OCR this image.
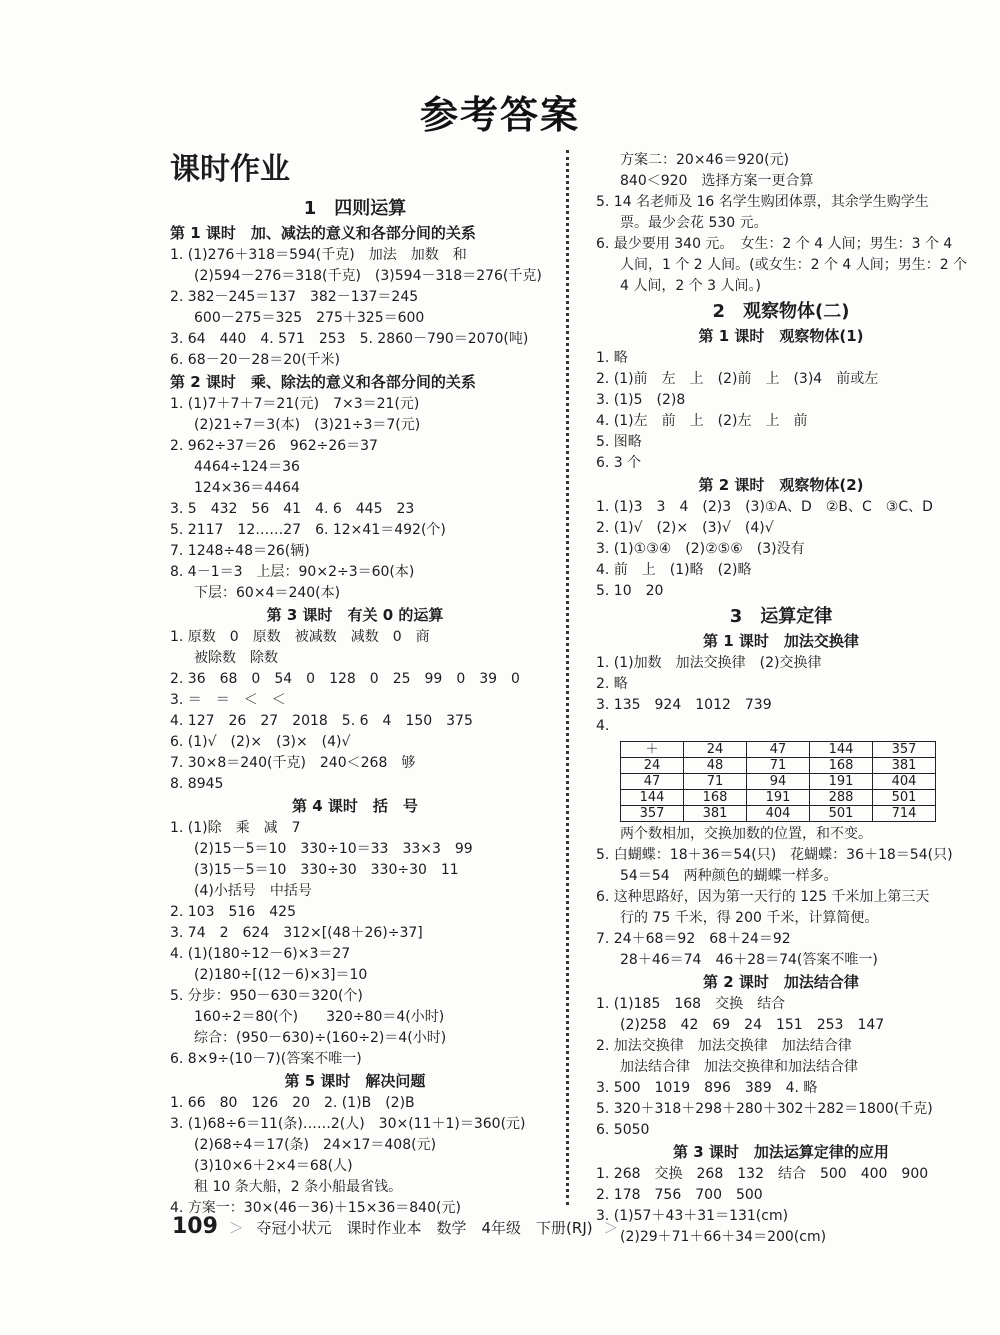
参考答案
课时作业
1　四则运算
第 1 课时　加、减法的意义和各部分间的关系
1. (1)276＋318＝594(千克)　加法　加数　和
(2)594－276＝318(千克)　(3)594－318＝276(千克)
2. 382－245＝137　382－137＝245
600－275＝325　275＋325＝600
3. 64　440　4. 571　253　5. 2860－790＝2070(吨)
6. 68－20－28＝20(千米)
第 2 课时　乘、除法的意义和各部分间的关系
1. (1)7＋7＋7＝21(元)　7×3＝21(元)
(2)21÷7＝3(本)　(3)21÷3＝7(元)
2. 962÷37＝26　962÷26＝37
4464÷124＝36
124×36＝4464
3. 5　432　56　41　4. 6　445　23
5. 2117　12……27　6. 12×41＝492(个)
7. 1248÷48＝26(辆)
8. 4－1＝3　上层：90×2÷3＝60(本)
下层：60×4＝240(本)
第 3 课时　有关 0 的运算
1. 原数　0　原数　被减数　减数　0　商
被除数　除数
2. 36　68　0　54　0　128　0　25　99　0　39　0
3. ＝　＝　＜　＜
4. 127　26　27　2018　5. 6　4　150　375
6. (1)√　(2)×　(3)×　(4)√
7. 30×8＝240(千克)　240＜268　够
8. 8945
第 4 课时　括　号
1. (1)除　乘　减　7
(2)15－5＝10　330÷10＝33　33×3　99
(3)15－5＝10　330÷30　330÷30　11
(4)小括号　中括号
2. 103　516　425
3. 74　2　624　312×[(48＋26)÷37]
4. (1)(180÷12－6)×3＝27
(2)180÷[(12－6)×3]＝10
5. 分步：950－630＝320(个)
160÷2＝80(个)　　320÷80＝4(小时)
综合：(950－630)÷(160÷2)＝4(小时)
6. 8×9÷(10－7)(答案不唯一)
第 5 课时　解决问题
1. 66　80　126　20　2. (1)B　(2)B
3. (1)68÷6＝11(条)……2(人)　30×(11＋1)＝360(元)
(2)68÷4＝17(条)　24×17＝408(元)
(3)10×6＋2×4＝68(人)
租 10 条大船，2 条小船最省钱。
4. 方案一：30×(46－36)＋15×36＝840(元)
方案二：20×46＝920(元)
840＜920　选择方案一更合算
5. 14 名老师及 16 名学生购团体票，其余学生购学生
票。最少会花 530 元。
6. 最少要用 340 元。　女生：2 个 4 人间；男生：3 个 4
人间，1 个 2 人间。(或女生：2 个 4 人间；男生：2 个
4 人间，2 个 3 人间。)
2　观察物体(二)
第 1 课时　观察物体(1)
1. 略
2. (1)前　左　上　(2)前　上　(3)4　前或左
3. (1)5　(2)8
4. (1)左　前　上　(2)左　上　前
5. 图略
6. 3 个
第 2 课时　观察物体(2)
1. (1)3　3　4　(2)3　(3)①A、D　②B、C　③C、D
2. (1)√　(2)×　(3)√　(4)√
3. (1)①③④　(2)②⑤⑥　(3)没有
4. 前　上　(1)略　(2)略
5. 10　20
3　运算定律
第 1 课时　加法交换律
1. (1)加数　加法交换律　(2)交换律
2. 略
3. 135　924　1012　739
4.
＋	24	47	144	357
24	48	71	168	381
47	71	94	191	404
144	168	191	288	501
357	381	404	501	714
两个数相加，交换加数的位置，和不变。
5. 白蝴蝶：18＋36＝54(只)　花蝴蝶：36＋18＝54(只)
54＝54　两种颜色的蝴蝶一样多。
6. 这种思路好，因为第一天行的 125 千米加上第三天
行的 75 千米，得 200 千米，计算简便。
7. 24＋68＝92　68＋24＝92
28＋46＝74　46＋28＝74(答案不唯一)
第 2 课时　加法结合律
1. (1)185　168　交换　结合
(2)258　42　69　24　151　253　147
2. 加法交换律　加法交换律　加法结合律
加法结合律　加法交换律和加法结合律
3. 500　1019　896　389　4. 略
5. 320＋318＋298＋280＋302＋282＝1800(千克)
6. 5050
第 3 课时　加法运算定律的应用
1. 268　交换　268　132　结合　500　400　900
2. 178　756　700　500
3. (1)57＋43＋31＝131(cm)
(2)29＋71＋66＋34＝200(cm)
109 ＞ 夺冠小状元　课时作业本　数学　4年级　下册(RJ) ＞
